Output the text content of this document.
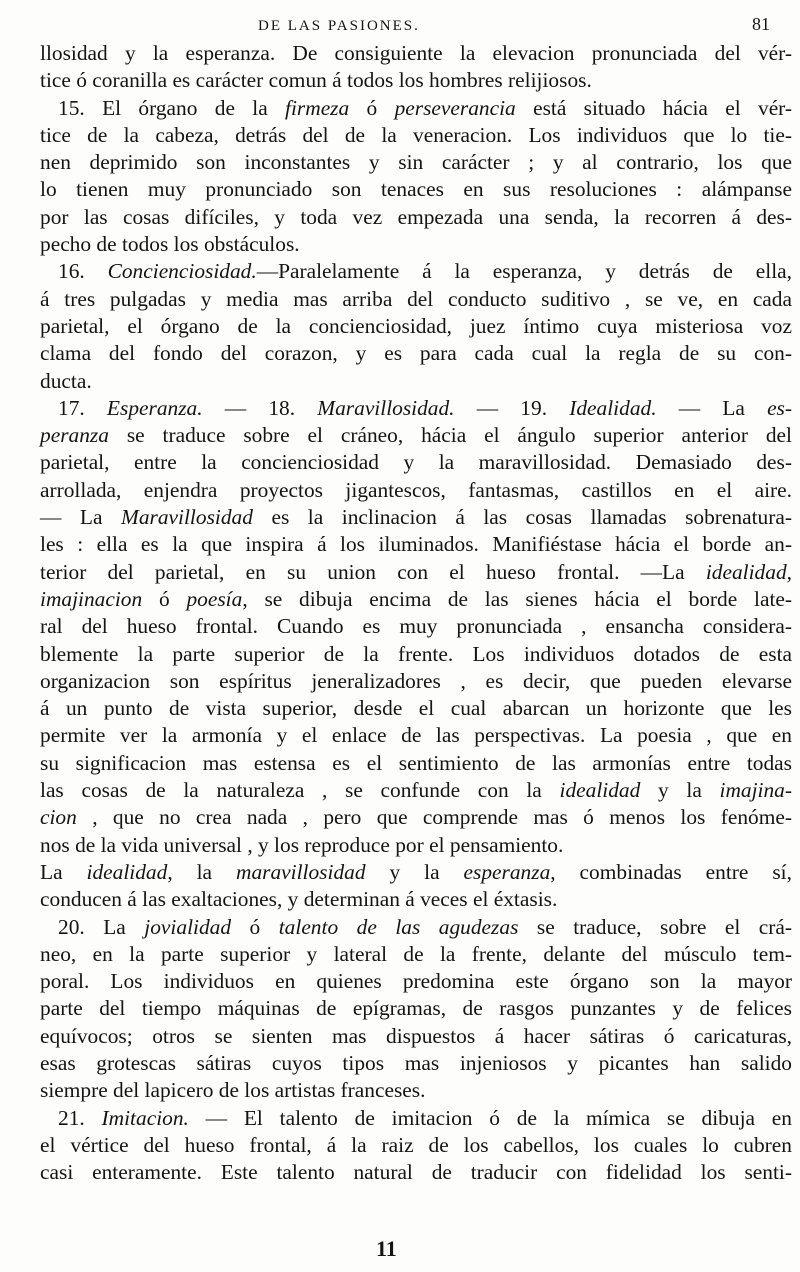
DE LAS PASIONES.	81
llosidad y la esperanza. De consiguiente la elevacion pronunciada del vér-
tice ó coranilla es carácter comun á todos los hombres relijiosos.
15. El órgano de la firmeza ó perseverancia está situado hácia el vér-
tice de la cabeza, detrás del de la veneracion. Los individuos que lo tie-
nen deprimido son inconstantes y sin carácter ; y al contrario, los que
lo tienen muy pronunciado son tenaces en sus resoluciones : alámpanse
por las cosas difíciles, y toda vez empezada una senda, la recorren á des-
pecho de todos los obstáculos.
16. Concienciosidad.—Paralelamente á la esperanza, y detrás de ella,
á tres pulgadas y media mas arriba del conducto suditivo , se ve, en cada
parietal, el órgano de la concienciosidad, juez íntimo cuya misteriosa voz
clama del fondo del corazon, y es para cada cual la regla de su con-
ducta.
17. Esperanza. — 18. Maravillosidad. — 19. Idealidad. — La es-
peranza se traduce sobre el cráneo, hácia el ángulo superior anterior del
parietal, entre la concienciosidad y la maravillosidad. Demasiado des-
arrollada, enjendra proyectos jigantescos, fantasmas, castillos en el aire.
— La Maravillosidad es la inclinacion á las cosas llamadas sobrenatura-
les : ella es la que inspira á los iluminados. Manifiéstase hácia el borde an-
terior del parietal, en su union con el hueso frontal. —La idealidad,
imajinacion ó poesía, se dibuja encima de las sienes hácia el borde late-
ral del hueso frontal. Cuando es muy pronunciada , ensancha considera-
blemente la parte superior de la frente. Los individuos dotados de esta
organizacion son espíritus jeneralizadores , es decir, que pueden elevarse
á un punto de vista superior, desde el cual abarcan un horizonte que les
permite ver la armonía y el enlace de las perspectivas. La poesia , que en
su significacion mas estensa es el sentimiento de las armonías entre todas
las cosas de la naturaleza , se confunde con la idealidad y la imajina-
cion , que no crea nada , pero que comprende mas ó menos los fenóme-
nos de la vida universal , y los reproduce por el pensamiento.
La idealidad, la maravillosidad y la esperanza, combinadas entre sí,
conducen á las exaltaciones, y determinan á veces el éxtasis.
20. La jovialidad ó talento de las agudezas se traduce, sobre el crá-
neo, en la parte superior y lateral de la frente, delante del músculo tem-
poral. Los individuos en quienes predomina este órgano son la mayor
parte del tiempo máquinas de epígramas, de rasgos punzantes y de felices
equívocos; otros se sienten mas dispuestos á hacer sátiras ó caricaturas,
esas grotescas sátiras cuyos tipos mas injeniosos y picantes han salido
siempre del lapicero de los artistas franceses.
21. Imitacion. — El talento de imitacion ó de la mímica se dibuja en
el vértice del hueso frontal, á la raiz de los cabellos, los cuales lo cubren
casi enteramente. Este talento natural de traducir con fidelidad los senti-
11
